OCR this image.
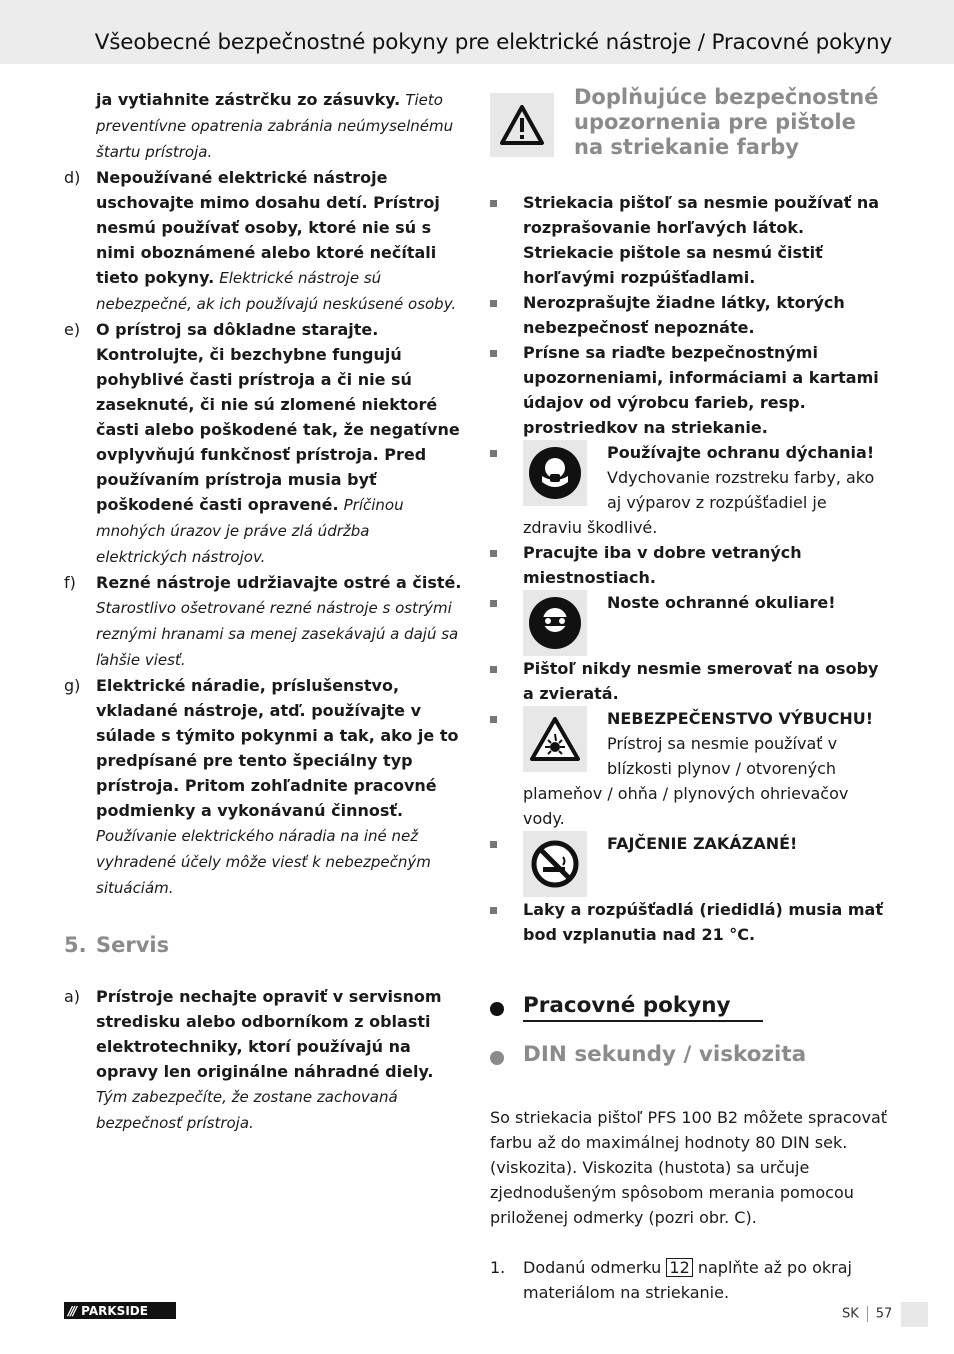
Všeobecné bezpečnostné pokyny pre elektrické nástroje / Pracovné pokyny
ja vytiahnite zástrčku zo zásuvky. Tieto preventívne opatrenia zabránia neúmyselnému štartu prístroja.
d) Nepoužívané elektrické nástroje uschovajte mimo dosahu detí. Prístroj nesmú používať osoby, ktoré nie sú s nimi oboznámené alebo ktoré nečítali tieto pokyny. Elektrické nástroje sú nebezpečné, ak ich používajú neskúsené osoby.
e) O prístroj sa dôkladne starajte. Kontrolujte, či bezchybne fungujú pohyblivé časti prístroja a či nie sú zaseknuté, či nie sú zlomené niektoré časti alebo poškodené tak, že negatívne ovplyvňujú funkčnosť prístroja. Pred používaním prístroja musia byť poškodené časti opravené. Príčinou mnohých úrazov je práve zlá údržba elektrických nástrojov.
f) Rezné nástroje udržiavajte ostré a čisté. Starostlivo ošetrované rezné nástroje s ostrými reznými hranami sa menej zasekávajú a dajú sa ľahšie viesť.
g) Elektrické náradie, príslušenstvo, vkladané nástroje, atď. používajte v súlade s týmito pokynmi a tak, ako je to predpísané pre tento špeciálny typ prístroja. Pritom zohľadnite pracovné podmienky a vykonávanú činnosť. Používanie elektrického náradia na iné než vyhradené účely môže viesť k nebezpečným situáciám.
5. Servis
a) Prístroje nechajte opraviť v servisnom stredisku alebo odborníkom z oblasti elektrotechniky, ktorí používajú na opravy len originálne náhradné diely. Tým zabezpečíte, že zostane zachovaná bezpečnosť prístroja.
Doplňujúce bezpečnostné upozornenia pre pištole na striekanie farby
Striekacia pištoľ sa nesmie používať na rozprašovanie horľavých látok. Striekacie pištole sa nesmú čistiť horľavými rozpúšťadlami.
Nerozprašujte žiadne látky, ktorých nebezpečnosť nepoznáte.
Prísne sa riaďte bezpečnostnými upozorneniami, informáciami a kartami údajov od výrobcu farieb, resp. prostriedkov na striekanie.
Používajte ochranu dýchania! Vdychovanie rozstreku farby, ako aj výparov z rozpúšťadiel je zdraviu škodlivé.
Pracujte iba v dobre vetraných miestnostiach.
Noste ochranné okuliare!
Pištoľ nikdy nesmie smerovať na osoby a zvieratá.
NEBEZPEČENSTVO VÝBUCHU! Prístroj sa nesmie používať v blízkosti plynov / otvorených plameňov / ohňa / plynových ohrievačov vody.
FAJČENIE ZAKÁZANÉ!
Laky a rozpúšťadlá (riedidlá) musia mať bod vzplanutia nad 21 °C.
Pracovné pokyny
DIN sekundy / viskozita
So striekacia pištoľ PFS 100 B2 môžete spracovať farbu až do maximálnej hodnoty 80 DIN sek. (viskozita). Viskozita (hustota) sa určuje zjednodušeným spôsobom merania pomocou priloženej odmerky (pozri obr. C).
1. Dodanú odmerku 12 naplňte až po okraj materiálom na striekanie.
/// PARKSIDE	SK 57
